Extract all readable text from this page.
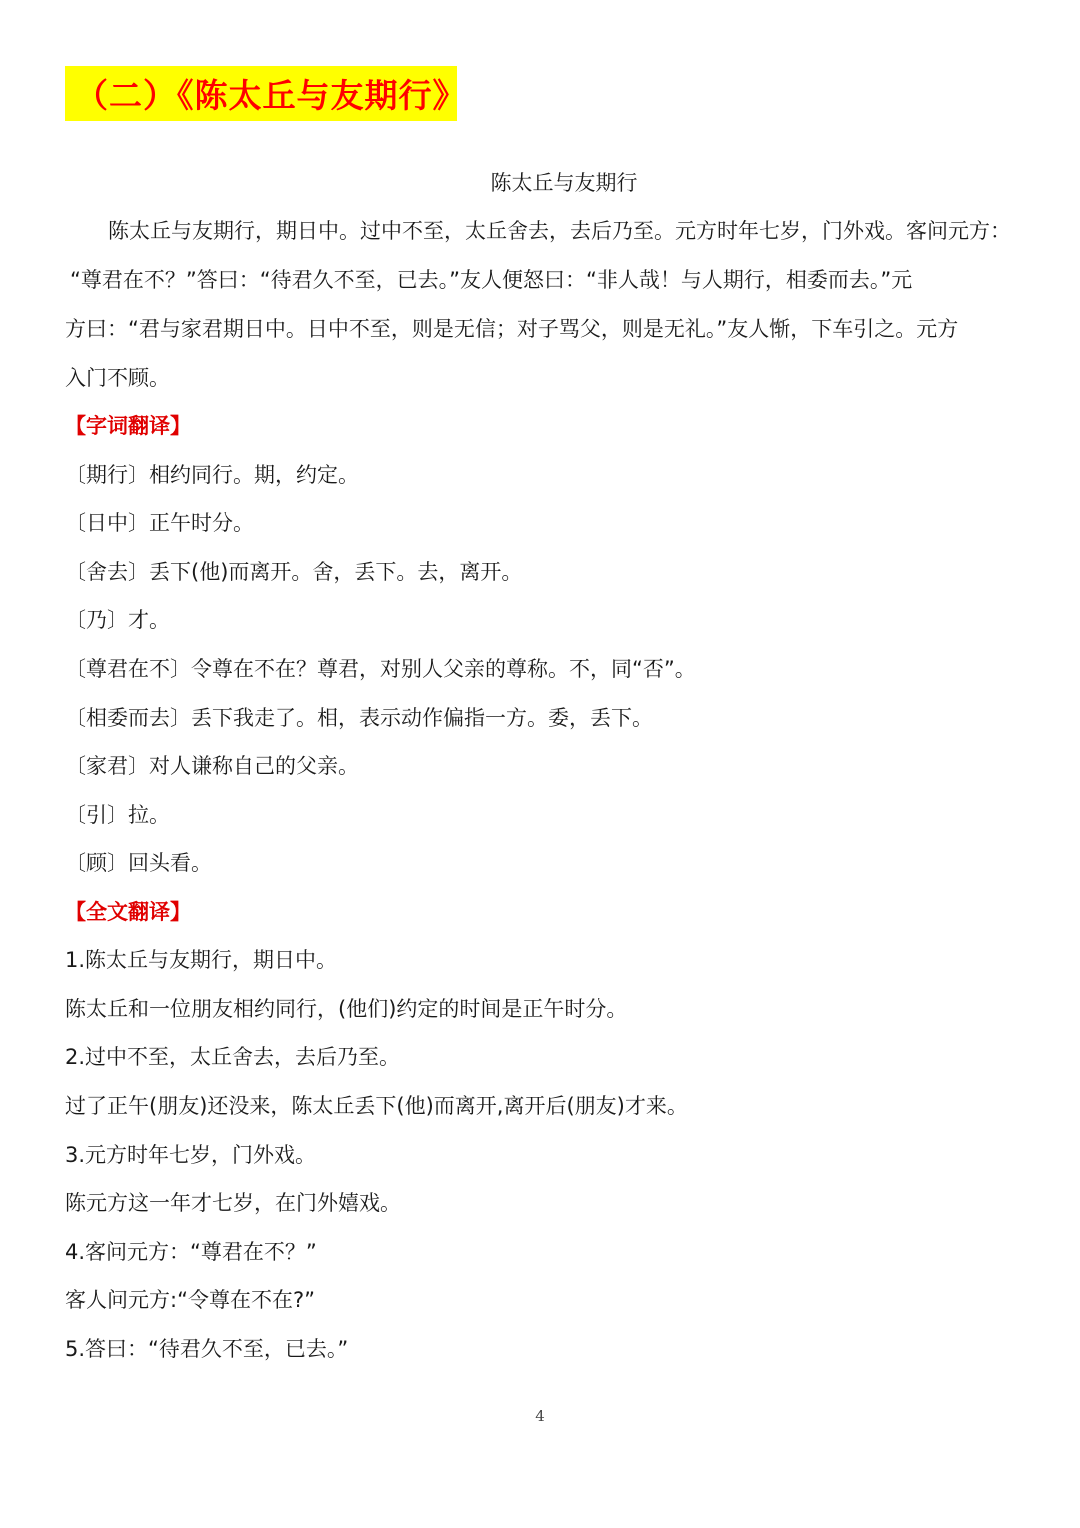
（二）《陈太丘与友期行》
陈太丘与友期行
陈太丘与友期行，期日中。过中不至，太丘舍去，去后乃至。元方时年七岁，门外戏。客问元方：
“尊君在不？”答曰：“待君久不至，已去。”友人便怒曰：“非人哉！与人期行，相委而去。”元
方曰：“君与家君期日中。日中不至，则是无信；对子骂父，则是无礼。”友人惭，下车引之。元方
入门不顾。
【字词翻译】
〔期行〕相约同行。期，约定。
〔日中〕正午时分。
〔舍去〕丢下(他)而离开。舍，丢下。去，离开。
〔乃〕才。
〔尊君在不〕令尊在不在？尊君，对别人父亲的尊称。不，同“否”。
〔相委而去〕丢下我走了。相，表示动作偏指一方。委，丢下。
〔家君〕对人谦称自己的父亲。
〔引〕拉。
〔顾〕回头看。
【全文翻译】
1.陈太丘与友期行，期日中。
陈太丘和一位朋友相约同行，(他们)约定的时间是正午时分。
2.过中不至，太丘舍去，去后乃至。
过了正午(朋友)还没来，陈太丘丢下(他)而离开,离开后(朋友)才来。
3.元方时年七岁，门外戏。
陈元方这一年才七岁，在门外嬉戏。
4.客问元方：“尊君在不？”
客人问元方:“令尊在不在?”
5.答曰：“待君久不至，已去。”
4
